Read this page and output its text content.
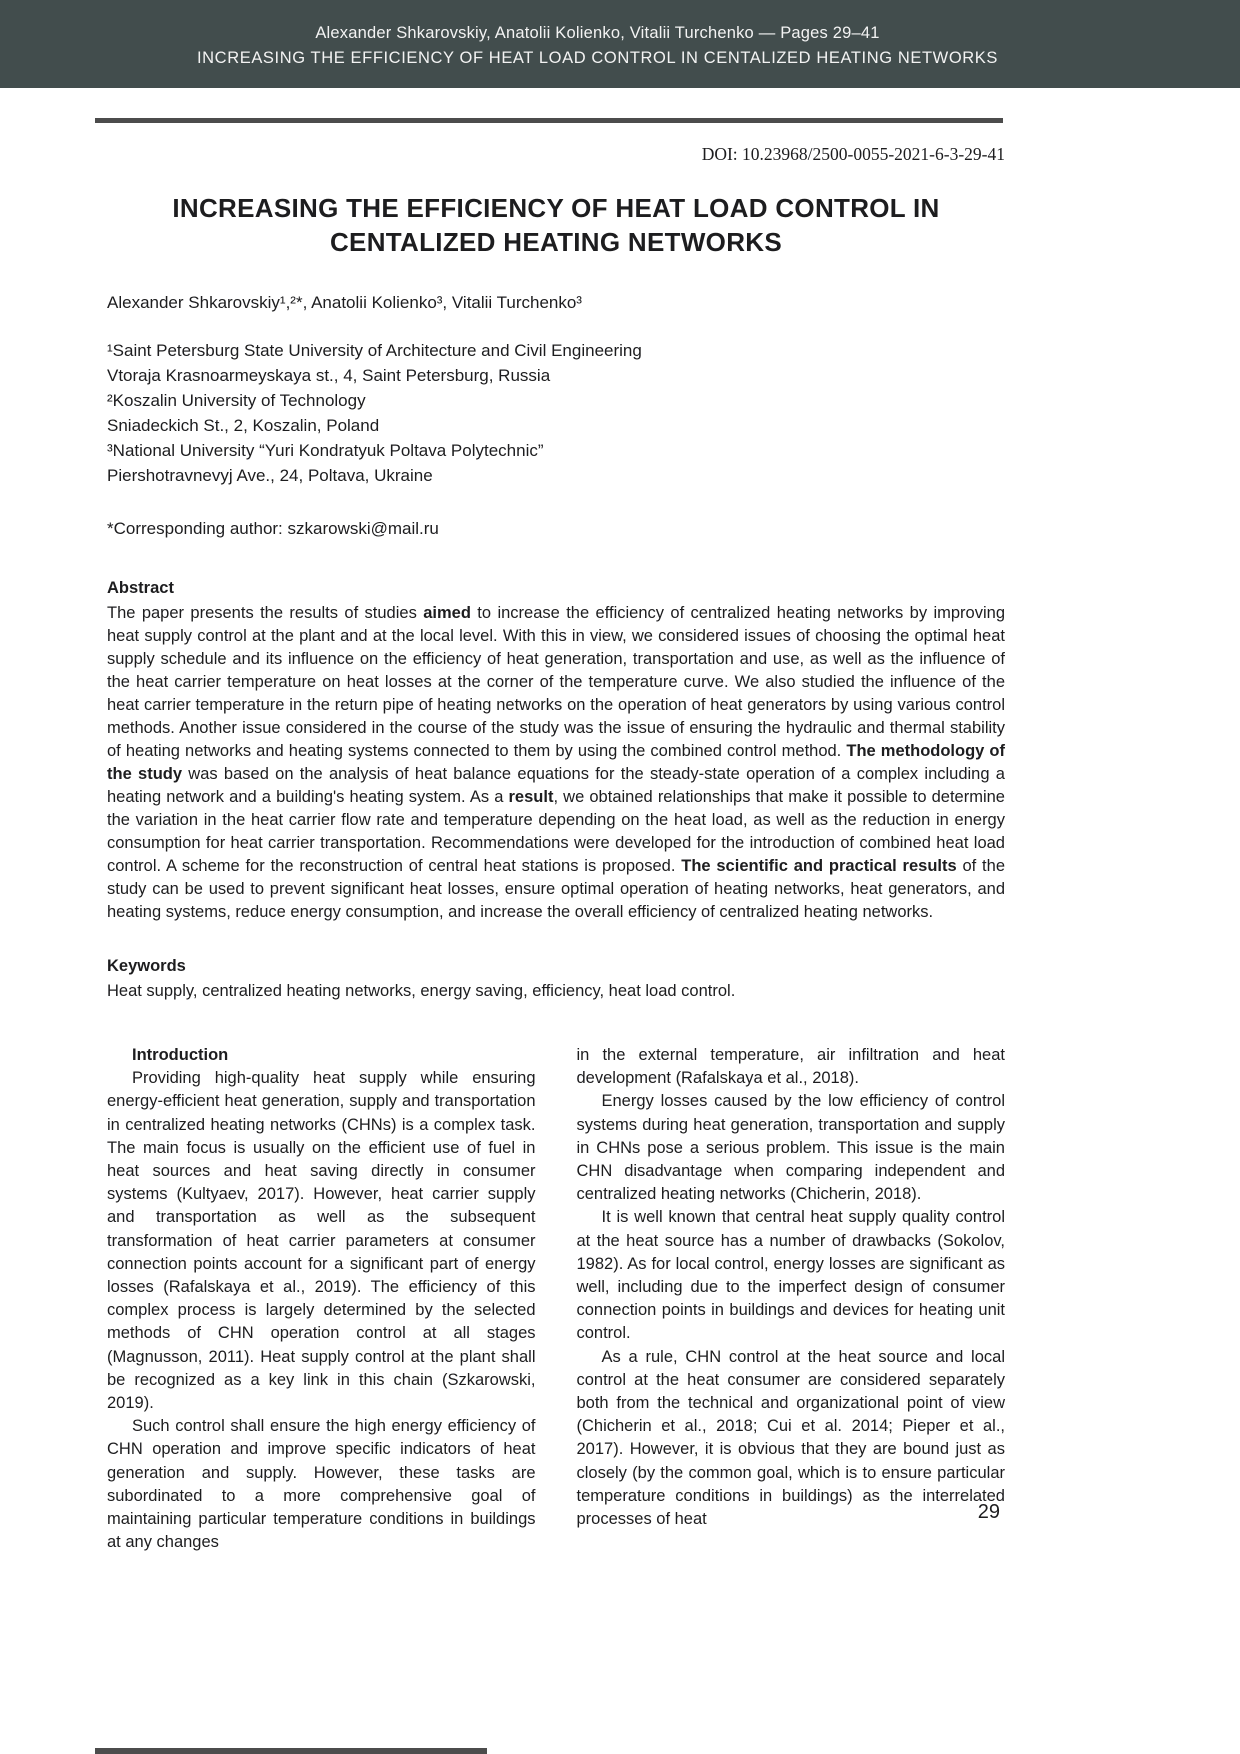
Alexander Shkarovskiy, Anatolii Kolienko, Vitalii Turchenko — Pages 29–41
INCREASING THE EFFICIENCY OF HEAT LOAD CONTROL IN CENTALIZED HEATING NETWORKS
DOI: 10.23968/2500-0055-2021-6-3-29-41
INCREASING THE EFFICIENCY OF HEAT LOAD CONTROL IN CENTALIZED HEATING NETWORKS

Alexander Shkarovskiy¹,²*, Anatolii Kolienko³, Vitalii Turchenko³

¹Saint Petersburg State University of Architecture and Civil Engineering
Vtoraja Krasnoarmeyskaya st., 4, Saint Petersburg, Russia
²Koszalin University of Technology
Sniadeckich St., 2, Koszalin, Poland
³National University “Yuri Kondratyuk Poltava Polytechnic”
Piershotravnevyj Ave., 24, Poltava, Ukraine

*Corresponding author: szkarowski@mail.ru

Abstract

The paper presents the results of studies aimed to increase the efficiency of centralized heating networks by improving heat supply control at the plant and at the local level. With this in view, we considered issues of choosing the optimal heat supply schedule and its influence on the efficiency of heat generation, transportation and use, as well as the influence of the heat carrier temperature on heat losses at the corner of the temperature curve. We also studied the influence of the heat carrier temperature in the return pipe of heating networks on the operation of heat generators by using various control methods. Another issue considered in the course of the study was the issue of ensuring the hydraulic and thermal stability of heating networks and heating systems connected to them by using the combined control method. The methodology of the study was based on the analysis of heat balance equations for the steady-state operation of a complex including a heating network and a building's heating system. As a result, we obtained relationships that make it possible to determine the variation in the heat carrier flow rate and temperature depending on the heat load, as well as the reduction in energy consumption for heat carrier transportation. Recommendations were developed for the introduction of combined heat load control. A scheme for the reconstruction of central heat stations is proposed. The scientific and practical results of the study can be used to prevent significant heat losses, ensure optimal operation of heating networks, heat generators, and heating systems, reduce energy consumption, and increase the overall efficiency of centralized heating networks.

Keywords

Heat supply, centralized heating networks, energy saving, efficiency, heat load control.

Introduction

Providing high-quality heat supply while ensuring energy-efficient heat generation, supply and transportation in centralized heating networks (CHNs) is a complex task. The main focus is usually on the efficient use of fuel in heat sources and heat saving directly in consumer systems (Kultyaev, 2017). However, heat carrier supply and transportation as well as the subsequent transformation of heat carrier parameters at consumer connection points account for a significant part of energy losses (Rafalskaya et al., 2019). The efficiency of this complex process is largely determined by the selected methods of CHN operation control at all stages (Magnusson, 2011). Heat supply control at the plant shall be recognized as a key link in this chain (Szkarowski, 2019).

Such control shall ensure the high energy efficiency of CHN operation and improve specific indicators of heat generation and supply. However, these tasks are subordinated to a more comprehensive goal of maintaining particular temperature conditions in buildings at any changes

in the external temperature, air infiltration and heat development (Rafalskaya et al., 2018).

Energy losses caused by the low efficiency of control systems during heat generation, transportation and supply in CHNs pose a serious problem. This issue is the main CHN disadvantage when comparing independent and centralized heating networks (Chicherin, 2018).

It is well known that central heat supply quality control at the heat source has a number of drawbacks (Sokolov, 1982). As for local control, energy losses are significant as well, including due to the imperfect design of consumer connection points in buildings and devices for heating unit control.

As a rule, CHN control at the heat source and local control at the heat consumer are considered separately both from the technical and organizational point of view (Chicherin et al., 2018; Cui et al. 2014; Pieper et al., 2017). However, it is obvious that they are bound just as closely (by the common goal, which is to ensure particular temperature conditions in buildings) as the interrelated processes of heat	29
